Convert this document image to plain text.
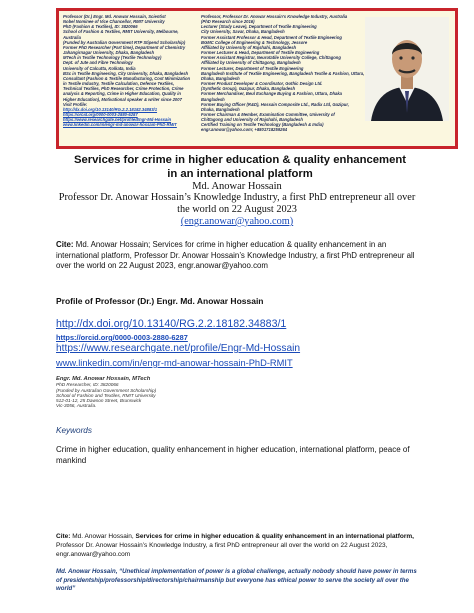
Professor (Dr.) Engr. Md. Anowar Hossain, Scientist
Nobel Nominee of Vice Chancellor, RMIT University
PhD (Fashion & Textiles), ID: 3820066
School of Fashion & Textiles, RMIT University, Melbourne,
Australia
(Funded by Australian Government RTP Stipend Scholarship)
Former PhD Researcher (Part time), Department of Chemistry
Jahangirnagar University, Dhaka, Bangladesh
MTech in Textile Technology (Textile Technology)
Dept. of Jute and Fibre Technology
University of Calcutta, Kolkata, India
BSc in Textile Engineering, City University, Dhaka, Bangladesh
Consultant (Fashion & Textile Manufacturing, Cost Minimization
in Textile Industry, Textile Calculation, Defence Textiles,
Technical Textiles, PhD Researcher, Crime Protection, Crime
analysis & Reporting, Crime in Higher Education, Quality in
Higher Education), Motivational speaker & writer since 2007
Visit Profile:
http://dx.doi.org/10.13140/RG.2.2.18182.34883/1
https://orcid.org/0000-0003-2880-6287
https://www.researchgate.net/profile/Engr-Md-Hossain
www.linkedin.com/in/engr-md-anowar-hossain-PhD-RMIT
Professor, Professor Dr. Anowar Hossain's Knowledge Industry, Australia
(PhD Research since 2016)
Lecturer (Study Leave), Department of Textile Engineering
City University, Savar, Dhaka, Bangladesh
Former Assistant Professor & Head, Department of Textile Engineering
BGMC College of Engineering & Technology, Jessore
Affiliated by University of Rajshahi, Bangladesh
Former Lecturer & Head, Department of Textile Engineering
Former Assistant Registrar, Neurotatile University College, Chittagong
Affiliated by University of Chittagong, Bangladesh
Former Lecturer, Department of Textile Engineering
Bangladesh Institute of Textile Engineering, Bangladesh Textile & Fashion, Uttara,
Dhaka, Bangladesh
Former Product Developer & Coordinator, Gothic Design Ltd.
(Synthetic Group), Gazipur, Dhaka, Bangladesh
Former Merchandiser, Beul Exchange Buying & Fashion, Uttara, Dhaka
Bangladesh
Former Buying Officer (R&D), Hossain Composite Ltd., Radix Ltd, Gazipur,
Dhaka, Bangladesh
Former Chairman & Member, Examination Committee, University of
Chittagong and University of Rajshahi, Bangladesh
Certified Training on Textile Technology (Bangladesh & India)
engr.anowar@yahoo.com; +8801718259264
Services for crime in higher education & quality enhancement in an international platform
Md. Anowar Hossain
Professor Dr. Anowar Hossain’s Knowledge Industry, a first PhD entrepreneur all over the world on 22 August 2023
(engr.anowar@yahoo.com)
Cite: Md. Anowar Hossain; Services for crime in higher education & quality enhancement in an international platform, Professor Dr. Anowar Hossain’s Knowledge Industry, a first PhD entrepreneur all over the world on 22 August 2023, engr.anowar@yahoo.com
Profile of Professor (Dr.) Engr. Md. Anowar Hossain
http://dx.doi.org/10.13140/RG.2.2.18182.34883/1
https://orcid.org/0000-0003-2880-6287
https://www.researchgate.net/profile/Engr-Md-Hossain
www.linkedin.com/in/engr-md-anowar-hossain-PhD-RMIT
Engr. Md. Anowar Hossain, MTech
PhD Researcher, ID: 3820066
(Funded by Australian Government Scholarship)
School of Fashion and Textiles, RMIT University
512-01-12, 25 Dawson Street, Brunswick
Vic-3056, Australia.
Keywords
Crime in higher education, quality enhancement in higher education, international platform, peace of mankind
Cite: Md. Anowar Hossain, Services for crime in higher education & quality enhancement in an international platform, Professor Dr. Anowar Hossain’s Knowledge Industry, a first PhD entrepreneur all over the world on 22 August 2023, engr.anowar@yahoo.com
Md. Anowar Hossain, “Unethical implementation of power is a global challenge, actually nobody should have power in terms of presidentship/professorship/directorship/chairmanship but everyone has ethical power to serve the society all over the world”
